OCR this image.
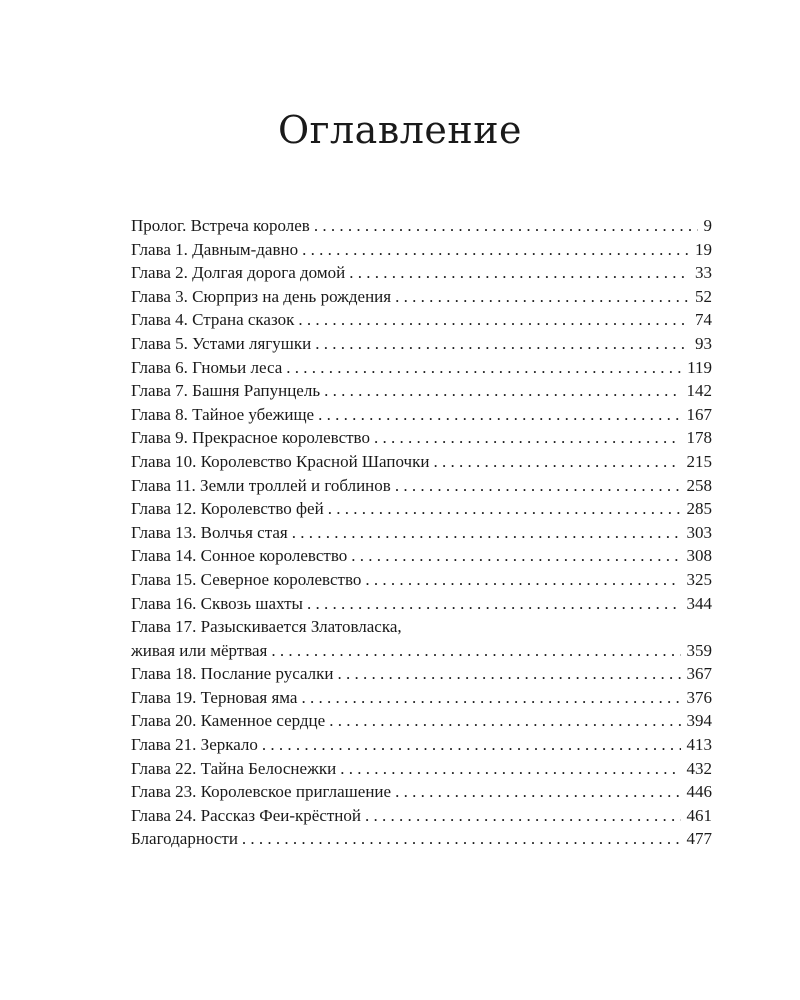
Оглавление
Пролог. Встреча королев . . .	9
Глава 1. Давным-давно . . .	19
Глава 2. Долгая дорога домой . . .	33
Глава 3. Сюрприз на день рождения . . .	52
Глава 4. Страна сказок . . .	74
Глава 5. Устами лягушки . . .	93
Глава 6. Гномьи леса . . .	119
Глава 7. Башня Рапунцель . . .	142
Глава 8. Тайное убежище . . .	167
Глава 9. Прекрасное королевство . . .	178
Глава 10. Королевство Красной Шапочки . . .	215
Глава 11. Земли троллей и гоблинов . . .	258
Глава 12. Королевство фей . . .	285
Глава 13. Волчья стая . . .	303
Глава 14. Сонное королевство . . .	308
Глава 15. Северное королевство . . .	325
Глава 16. Сквозь шахты . . .	344
Глава 17. Разыскивается Златовласка,
живая или мёртвая . . .	359
Глава 18. Послание русалки . . .	367
Глава 19. Терновая яма . . .	376
Глава 20. Каменное сердце . . .	394
Глава 21. Зеркало . . .	413
Глава 22. Тайна Белоснежки . . .	432
Глава 23. Королевское приглашение . . .	446
Глава 24. Рассказ Феи-крёстной . . .	461
Благодарности . . .	477
